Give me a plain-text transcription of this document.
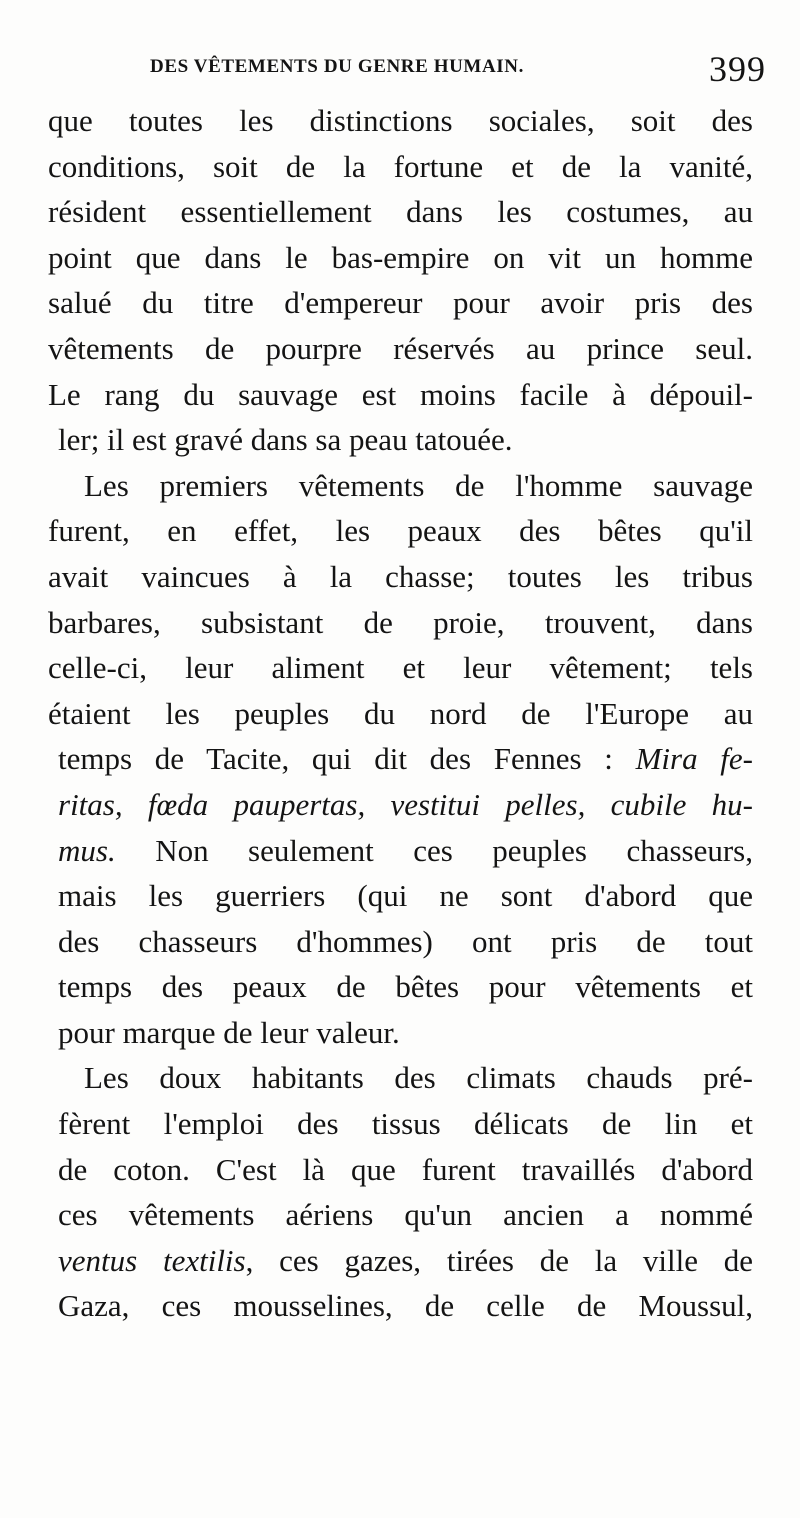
DES VÊTEMENTS DU GENRE HUMAIN.	399
que toutes les distinctions sociales, soit des
conditions, soit de la fortune et de la vanité,
résident essentiellement dans les costumes, au
point que dans le bas-empire on vit un homme
salué du titre d'empereur pour avoir pris des
vêtements de pourpre réservés au prince seul.
Le rang du sauvage est moins facile à dépouil-
ler; il est gravé dans sa peau tatouée.
Les premiers vêtements de l'homme sauvage
furent, en effet, les peaux des bêtes qu'il
avait vaincues à la chasse; toutes les tribus
barbares, subsistant de proie, trouvent, dans
celle-ci, leur aliment et leur vêtement; tels
étaient les peuples du nord de l'Europe au
temps de Tacite, qui dit des Fennes : Mira fe-
ritas, fœda paupertas, vestitui pelles, cubile hu-
mus. Non seulement ces peuples chasseurs,
mais les guerriers (qui ne sont d'abord que
des chasseurs d'hommes) ont pris de tout
temps des peaux de bêtes pour vêtements et
pour marque de leur valeur.
Les doux habitants des climats chauds pré-
fèrent l'emploi des tissus délicats de lin et
de coton. C'est là que furent travaillés d'abord
ces vêtements aériens qu'un ancien a nommé
ventus textilis, ces gazes, tirées de la ville de
Gaza, ces mousselines, de celle de Moussul,
